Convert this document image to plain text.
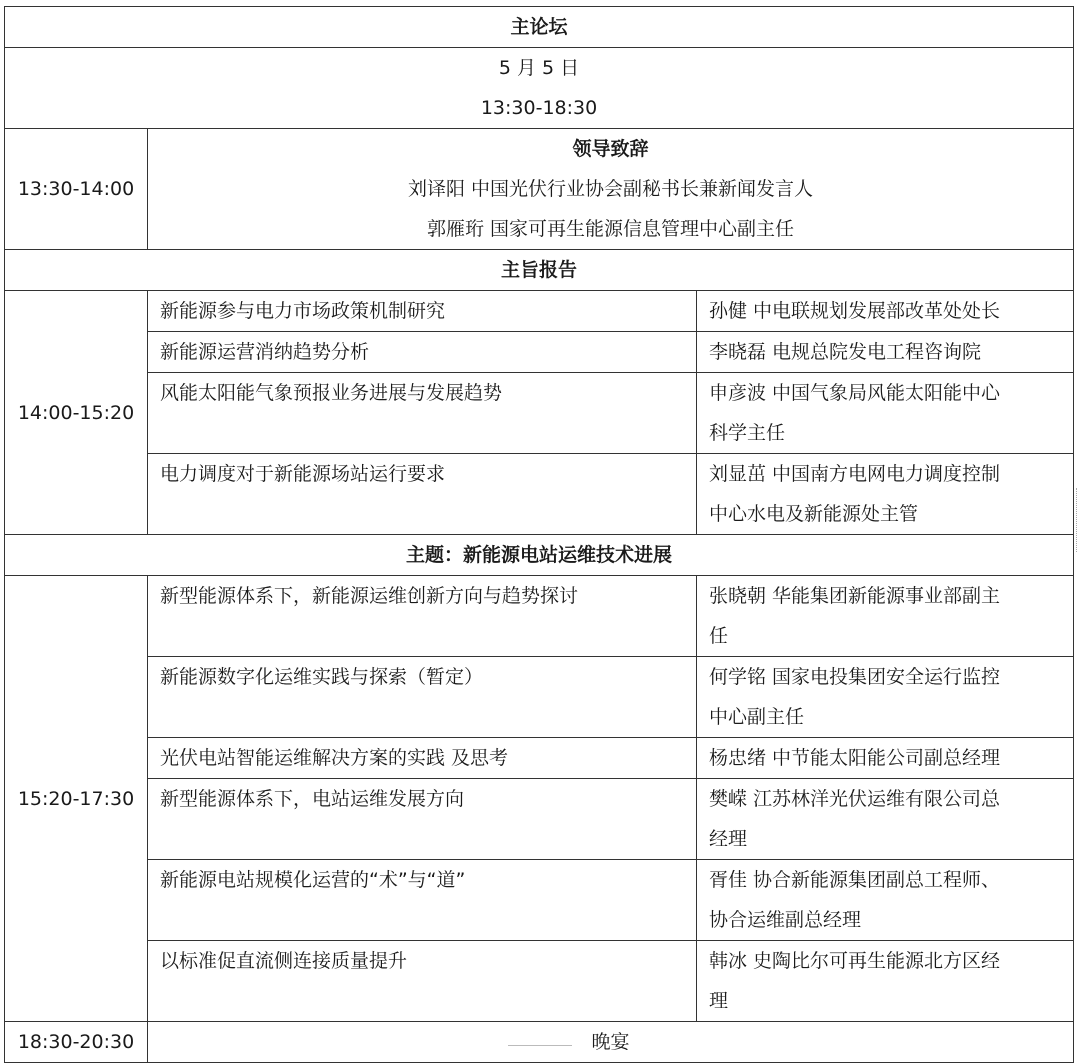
主论坛		

5 月 5 日
13:30-18:30		

13:30-14:00	领导致辞
刘译阳 中国光伏行业协会副秘书长兼新闻发言人
郭雁珩 国家可再生能源信息管理中心副主任	

主旨报告		
14:00-15:20	新能源参与电力市场政策机制研究	孙健 中电联规划发展部改革处处长

	新能源运营消纳趋势分析	李晓磊 电规总院发电工程咨询院

	风能太阳能气象预报业务进展与发展趋势	申彦波 中国气象局风能太阳能中心
科学主任

	电力调度对于新能源场站运行要求	刘显茁 中国南方电网电力调度控制
中心水电及新能源处主管

主题：新能源电站运维技术进展		
15:20-17:30	新型能源体系下，新能源运维创新方向与趋势探讨	张晓朝 华能集团新能源事业部副主
任

	新能源数字化运维实践与探索（暂定）	何学铭 国家电投集团安全运行监控
中心副主任

	光伏电站智能运维解决方案的实践 及思考	杨忠绪 中节能太阳能公司副总经理

	新型能源体系下，电站运维发展方向	樊嵘 江苏林洋光伏运维有限公司总
经理

	新能源电站规模化运营的“术”与“道”	胥佳 协合新能源集团副总工程师、
协合运维副总经理

	以标准促直流侧连接质量提升	韩冰 史陶比尔可再生能源北方区经
理

18:30-20:30	晚宴	
